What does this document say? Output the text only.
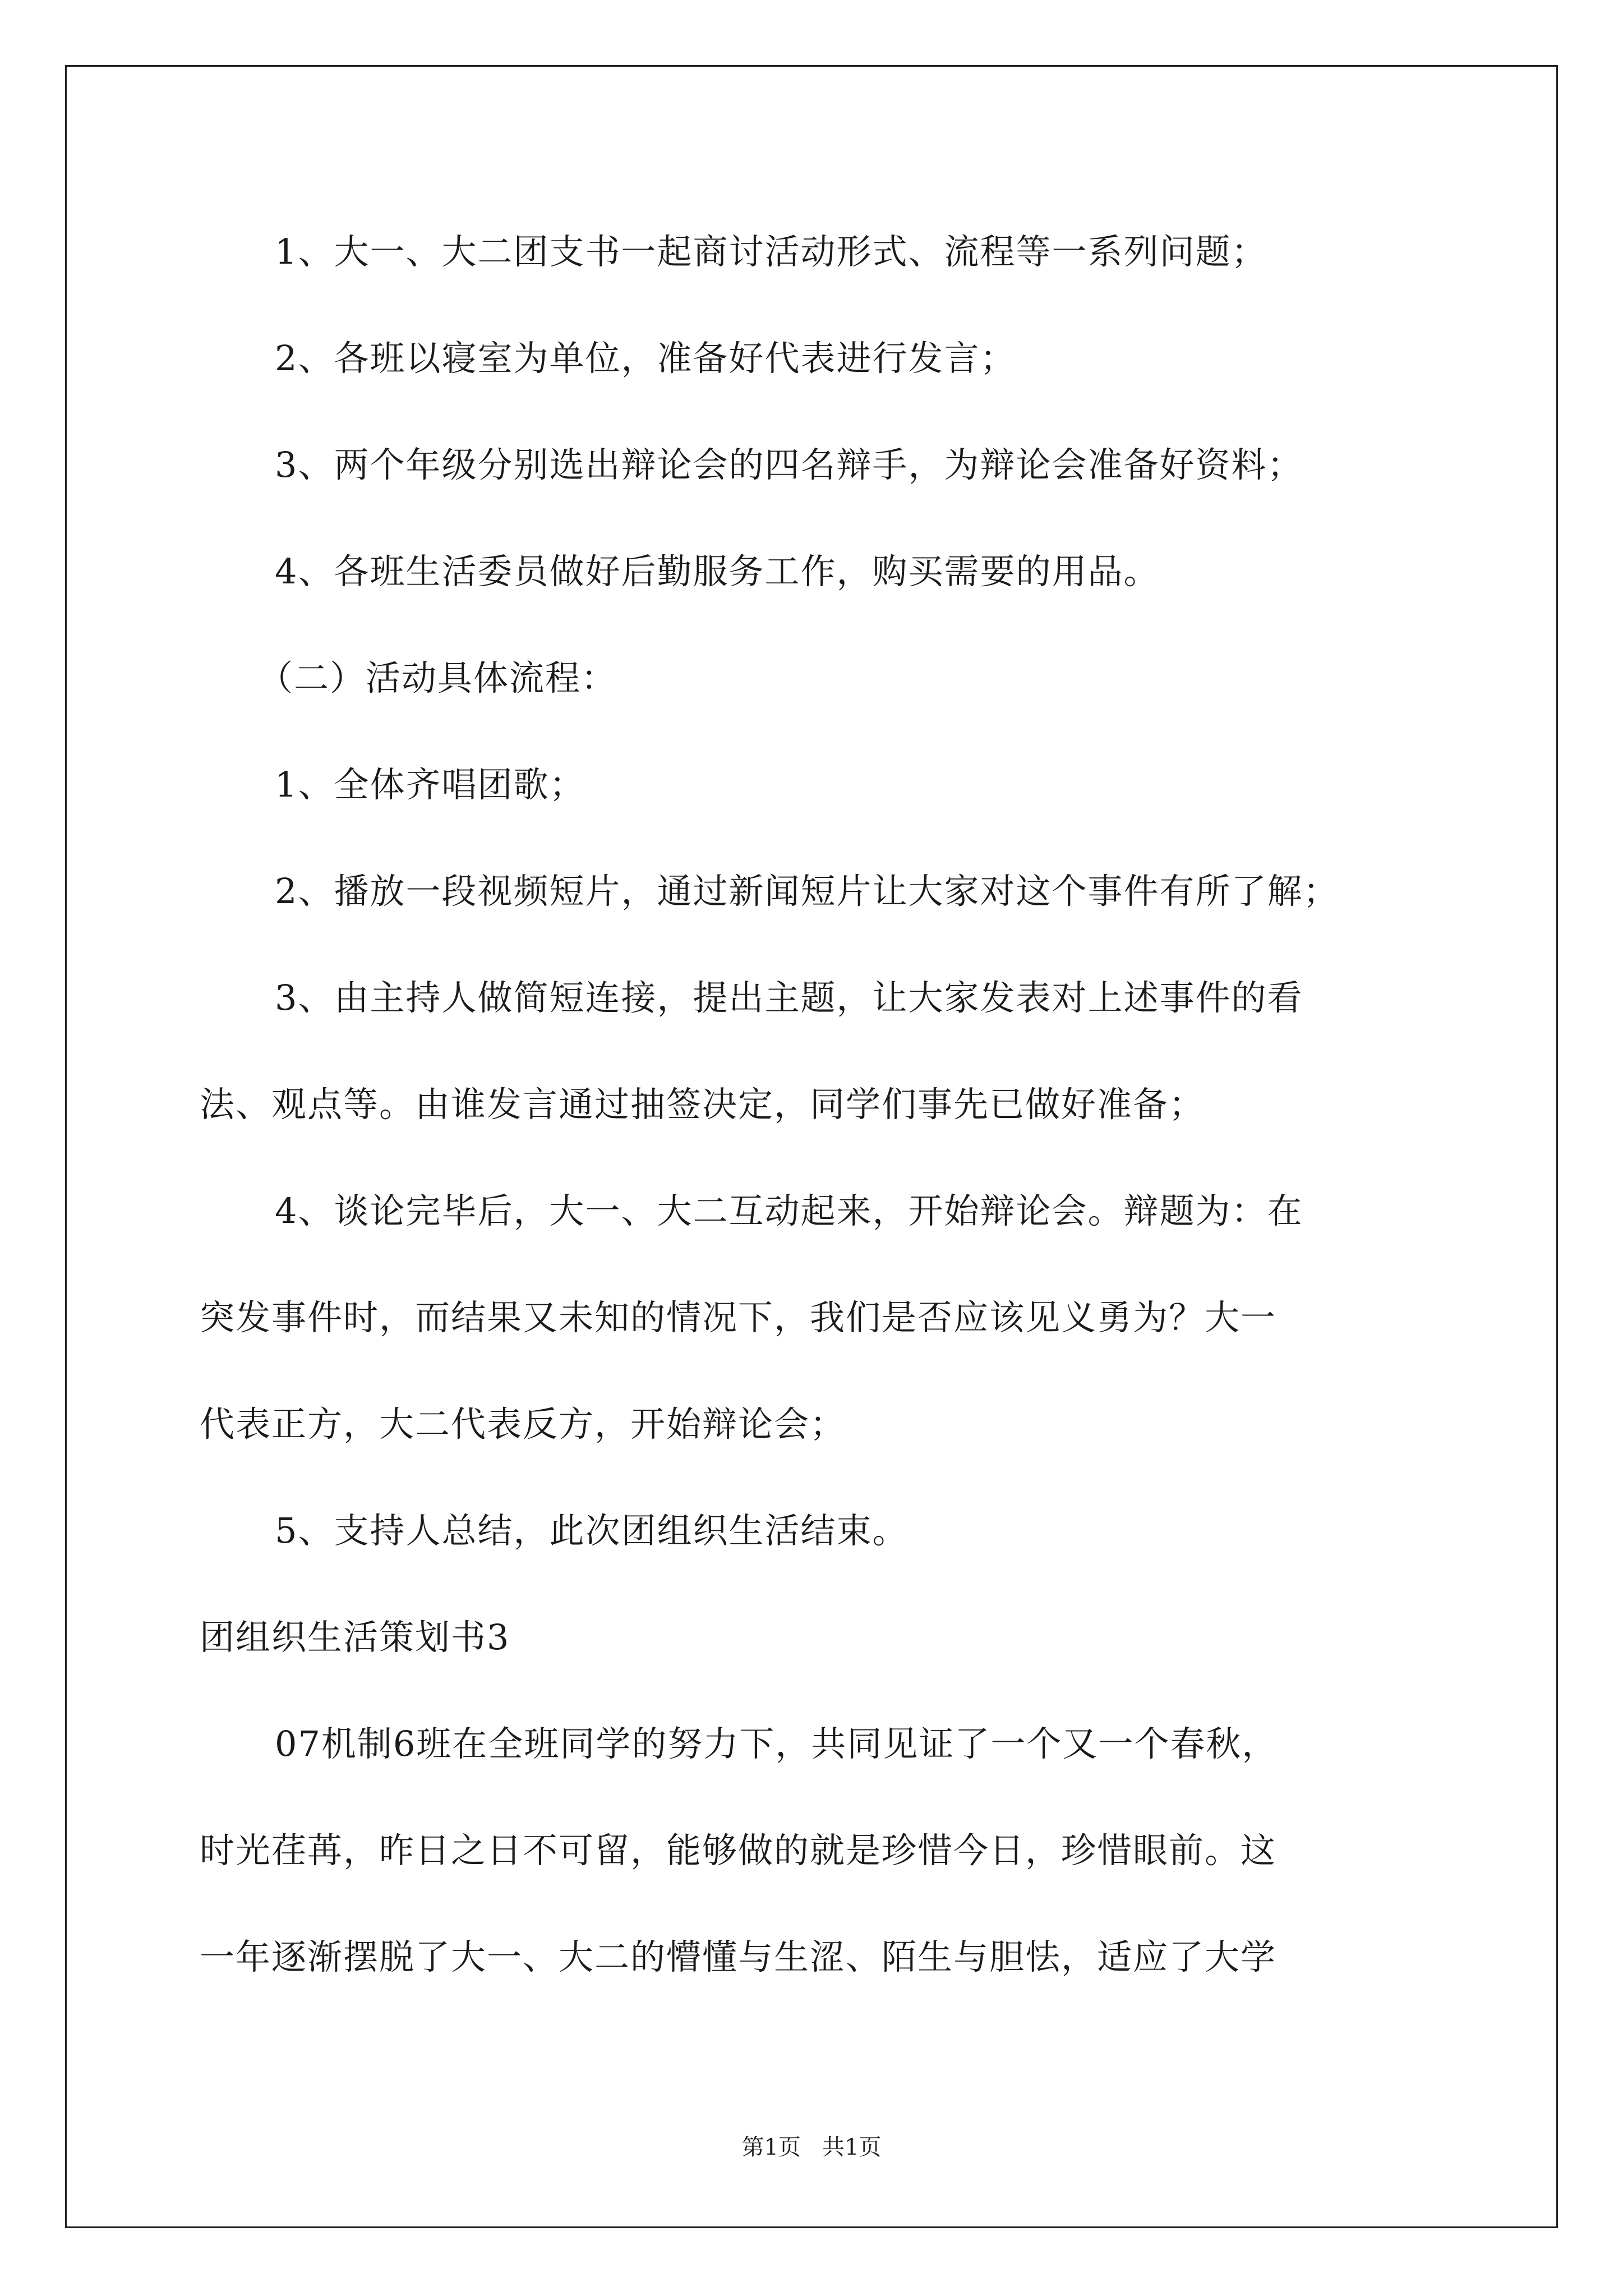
1、大一、大二团支书一起商讨活动形式、流程等一系列问题；
2、各班以寝室为单位，准备好代表进行发言；
3、两个年级分别选出辩论会的四名辩手，为辩论会准备好资料；
4、各班生活委员做好后勤服务工作，购买需要的用品。
（二）活动具体流程：
1、全体齐唱团歌；
2、播放一段视频短片，通过新闻短片让大家对这个事件有所了解；
3、由主持人做简短连接，提出主题，让大家发表对上述事件的看
法、观点等。由谁发言通过抽签决定，同学们事先已做好准备；
4、谈论完毕后，大一、大二互动起来，开始辩论会。辩题为：在
突发事件时，而结果又未知的情况下，我们是否应该见义勇为？大一
代表正方，大二代表反方，开始辩论会；
5、支持人总结，此次团组织生活结束。
团组织生活策划书3
07机制6班在全班同学的努力下，共同见证了一个又一个春秋，
时光荏苒，昨日之日不可留，能够做的就是珍惜今日，珍惜眼前。这
一年逐渐摆脱了大一、大二的懵懂与生涩、陌生与胆怯，适应了大学
第1页   共1页
